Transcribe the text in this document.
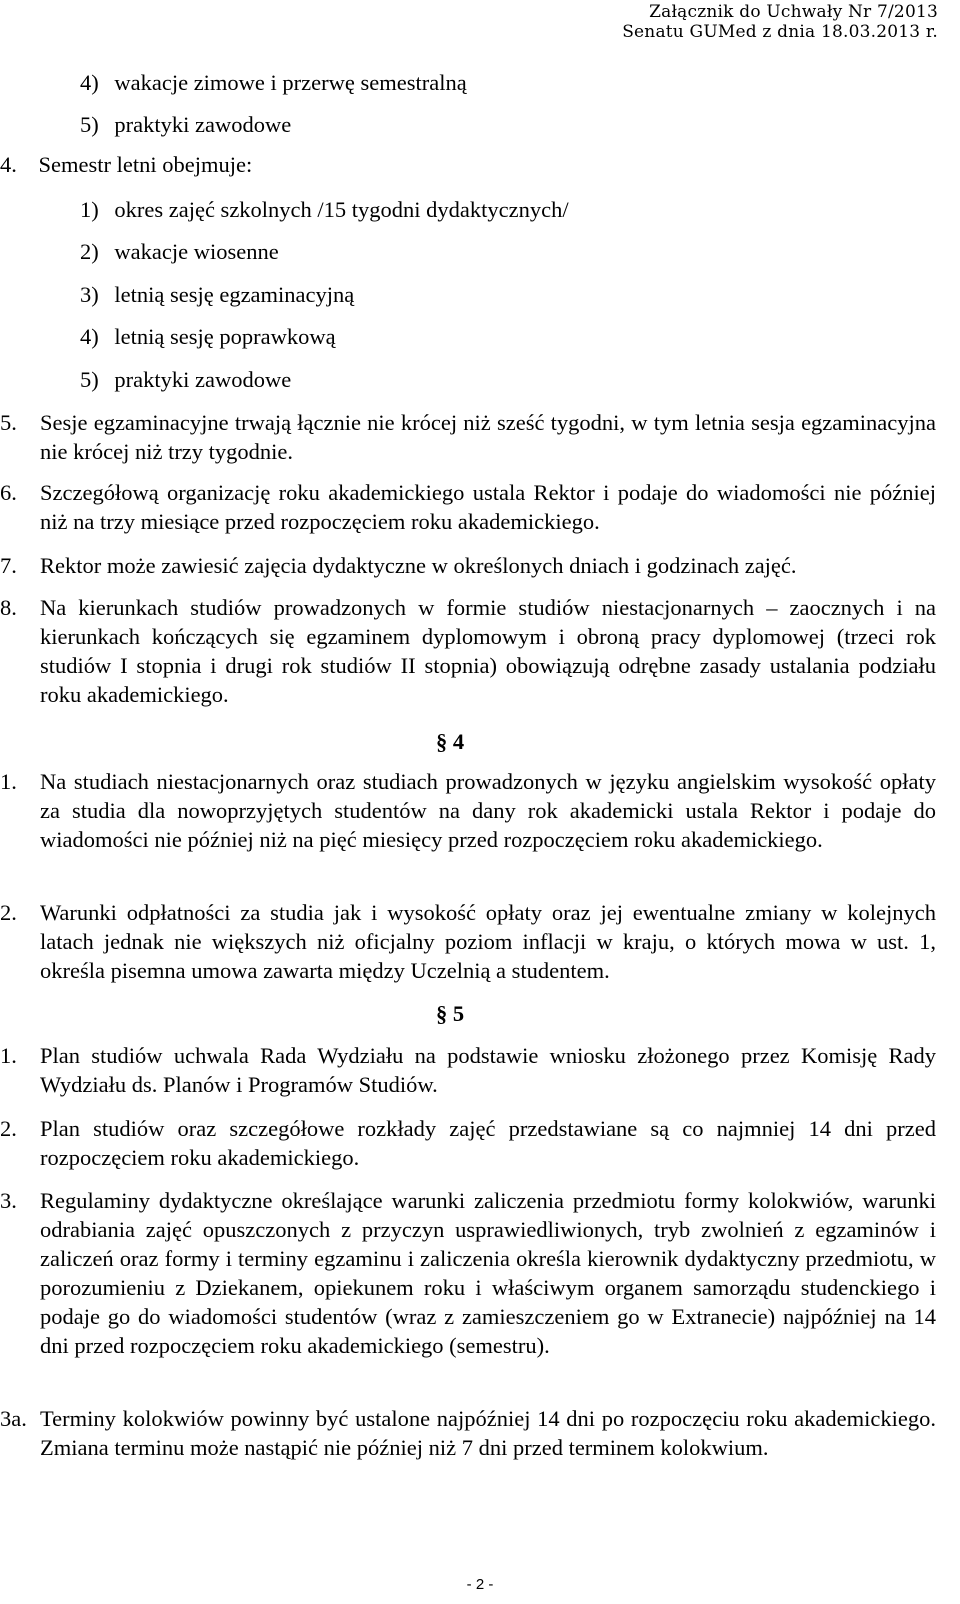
Załącznik do Uchwały Nr 7/2013
Senatu GUMed z dnia 18.03.2013 r.
4) wakacje zimowe i przerwę semestralną
5) praktyki zawodowe
4. Semestr letni obejmuje:
1) okres zajęć szkolnych /15 tygodni dydaktycznych/
2) wakacje wiosenne
3) letnią sesję egzaminacyjną
4) letnią sesję poprawkową
5) praktyki zawodowe
5. Sesje egzaminacyjne trwają łącznie nie krócej niż sześć tygodni, w tym letnia sesja egzaminacyjna nie krócej niż trzy tygodnie.
6. Szczegółową organizację roku akademickiego ustala Rektor i podaje do wiadomości nie później niż na trzy miesiące przed rozpoczęciem roku akademickiego.
7. Rektor może zawiesić zajęcia dydaktyczne w określonych dniach i godzinach zajęć.
8. Na kierunkach studiów prowadzonych w formie studiów niestacjonarnych – zaocznych i na kierunkach kończących się egzaminem dyplomowym i obroną pracy dyplomowej (trzeci rok studiów I stopnia i drugi rok studiów II stopnia) obowiązują odrębne zasady ustalania podziału roku akademickiego.
§ 4
1. Na studiach niestacjonarnych oraz studiach prowadzonych w języku angielskim wysokość opłaty za studia dla nowoprzyjętych studentów na dany rok akademicki ustala Rektor i podaje do wiadomości nie później niż na pięć miesięcy przed rozpoczęciem roku akademickiego.
2. Warunki odpłatności za studia jak i wysokość opłaty oraz jej ewentualne zmiany w kolejnych latach jednak nie większych niż oficjalny poziom inflacji w kraju, o których mowa w ust. 1, określa pisemna umowa zawarta między Uczelnią a studentem.
§ 5
1. Plan studiów uchwala Rada Wydziału na podstawie wniosku złożonego przez Komisję Rady Wydziału ds. Planów i Programów Studiów.
2. Plan studiów oraz szczegółowe rozkłady zajęć przedstawiane są co najmniej 14 dni przed rozpoczęciem roku akademickiego.
3. Regulaminy dydaktyczne określające warunki zaliczenia przedmiotu formy kolokwiów, warunki odrabiania zajęć opuszczonych z przyczyn usprawiedliwionych, tryb zwolnień z egzaminów i zaliczeń oraz formy i terminy egzaminu i zaliczenia określa kierownik dydaktyczny przedmiotu, w porozumieniu z Dziekanem, opiekunem roku i właściwym organem samorządu studenckiego i podaje go do wiadomości studentów (wraz z zamieszczeniem go w Extranecie) najpóźniej na 14 dni przed rozpoczęciem roku akademickiego (semestru).
3a. Terminy kolokwiów powinny być ustalone najpóźniej 14 dni po rozpoczęciu roku akademickiego. Zmiana terminu może nastąpić nie później niż 7 dni przed terminem kolokwium.
- 2 -
